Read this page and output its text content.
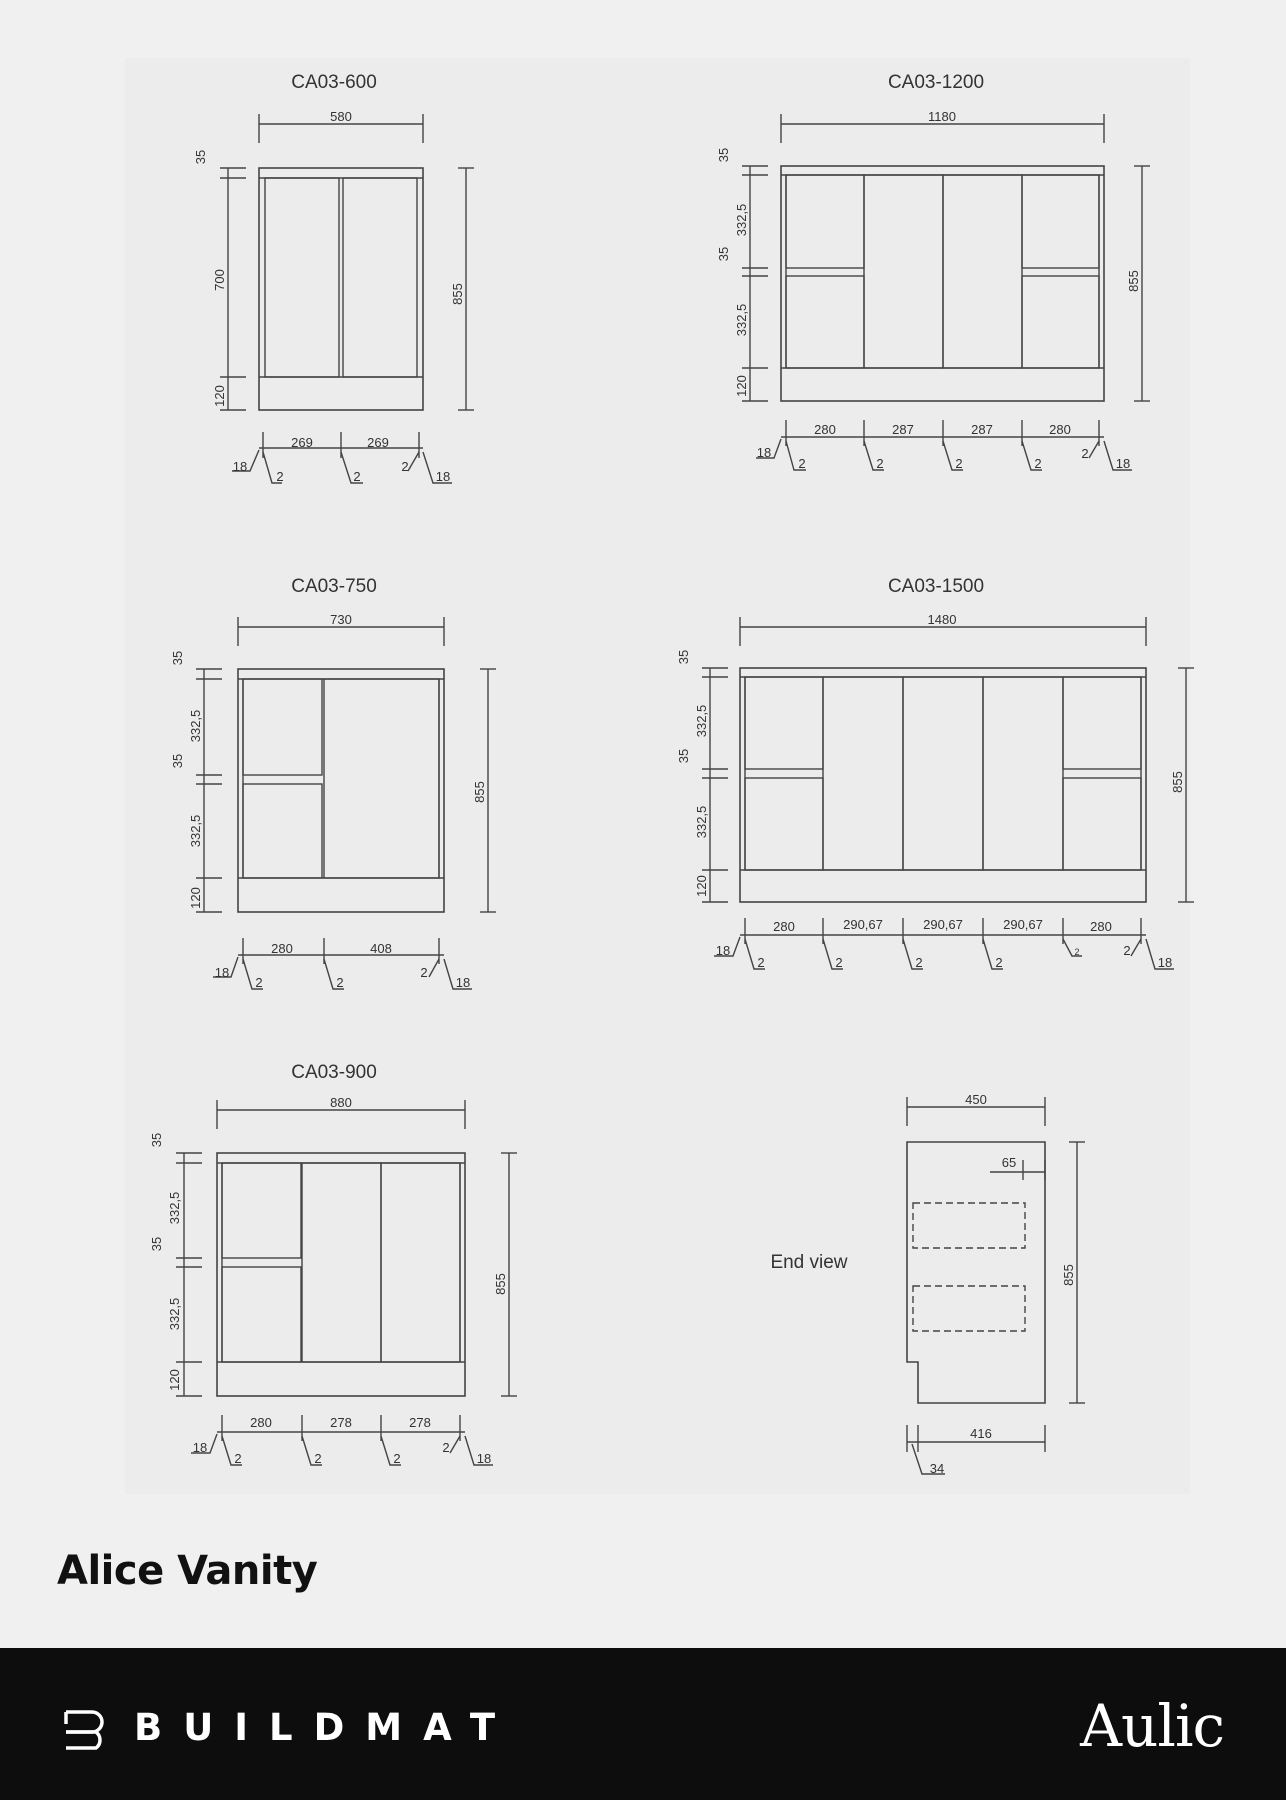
CA03-600
580
35
700
120
855
269	269
18
2	2
2
18
CA03-1200
1180
35
332,5
35
332,5
120
855
280	287	287	280
18
2	2	2	2
2
18
CA03-750
730
35
332,5
35
332,5
120
855
280	408
18
2	2
2
18
CA03-1500
1480
35
332,5
35
332,5
120
855
280	290,67	290,67	290,67	280
18
2	2	2	2
2	2
18
CA03-900
880
35
332,5
35
332,5
120
855
280	278	278
18
2	2	2
2
18
End view
450
65
855
416
34
Alice Vanity
BUILDMAT	Aulic
